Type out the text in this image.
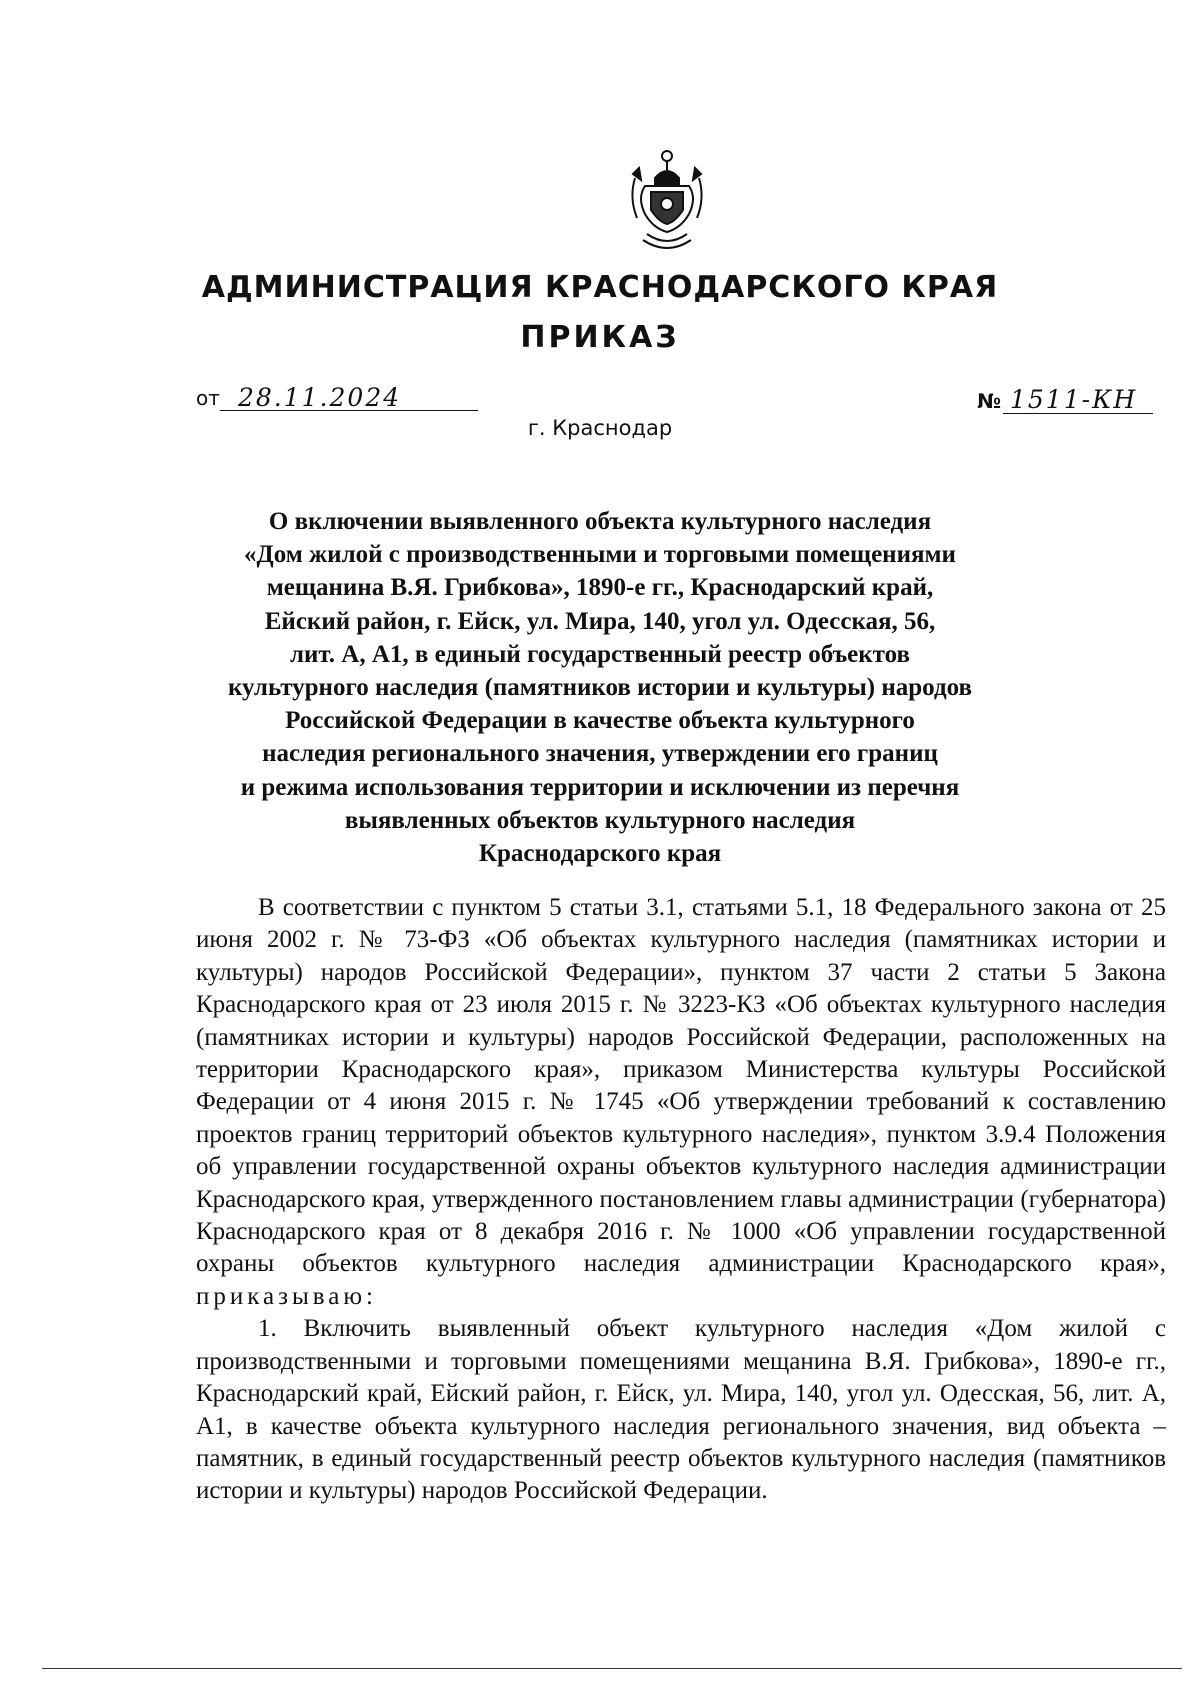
АДМИНИСТРАЦИЯ КРАСНОДАРСКОГО КРАЯ
ПРИКАЗ
от 28.11.2024	№ 1511-КН
г. Краснодар
О включении выявленного объекта культурного наследия
«Дом жилой с производственными и торговыми помещениями
мещанина В.Я. Грибкова», 1890-е гг., Краснодарский край,
Ейский район, г. Ейск, ул. Мира, 140, угол ул. Одесская, 56,
лит. А, А1, в единый государственный реестр объектов
культурного наследия (памятников истории и культуры) народов
Российской Федерации в качестве объекта культурного
наследия регионального значения, утверждении его границ
и режима использования территории и исключении из перечня
выявленных объектов культурного наследия
Краснодарского края

В соответствии с пунктом 5 статьи 3.1, статьями 5.1, 18 Федерального закона от 25 июня 2002 г. № 73-ФЗ «Об объектах культурного наследия (памятниках истории и культуры) народов Российской Федерации», пунктом 37 части 2 статьи 5 Закона Краснодарского края от 23 июля 2015 г. № 3223-КЗ «Об объектах культурного наследия (памятниках истории и культуры) народов Российской Федерации, расположенных на территории Краснодарского края», приказом Министерства культуры Российской Федерации от 4 июня 2015 г. № 1745 «Об утверждении требований к составлению проектов границ территорий объектов культурного наследия», пунктом 3.9.4 Положения об управлении государственной охраны объектов культурного наследия администрации Краснодарского края, утвержденного постановлением главы администрации (губернатора) Краснодарского края от 8 декабря 2016 г. № 1000 «Об управлении государственной охраны объектов культурного наследия администрации Краснодарского края», приказываю:

1. Включить выявленный объект культурного наследия «Дом жилой с производственными и торговыми помещениями мещанина В.Я. Грибкова», 1890-е гг., Краснодарский край, Ейский район, г. Ейск, ул. Мира, 140, угол ул. Одесская, 56, лит. А, А1, в качестве объекта культурного наследия регионального значения, вид объекта – памятник, в единый государственный реестр объектов культурного наследия (памятников истории и культуры) народов Российской Федерации.
